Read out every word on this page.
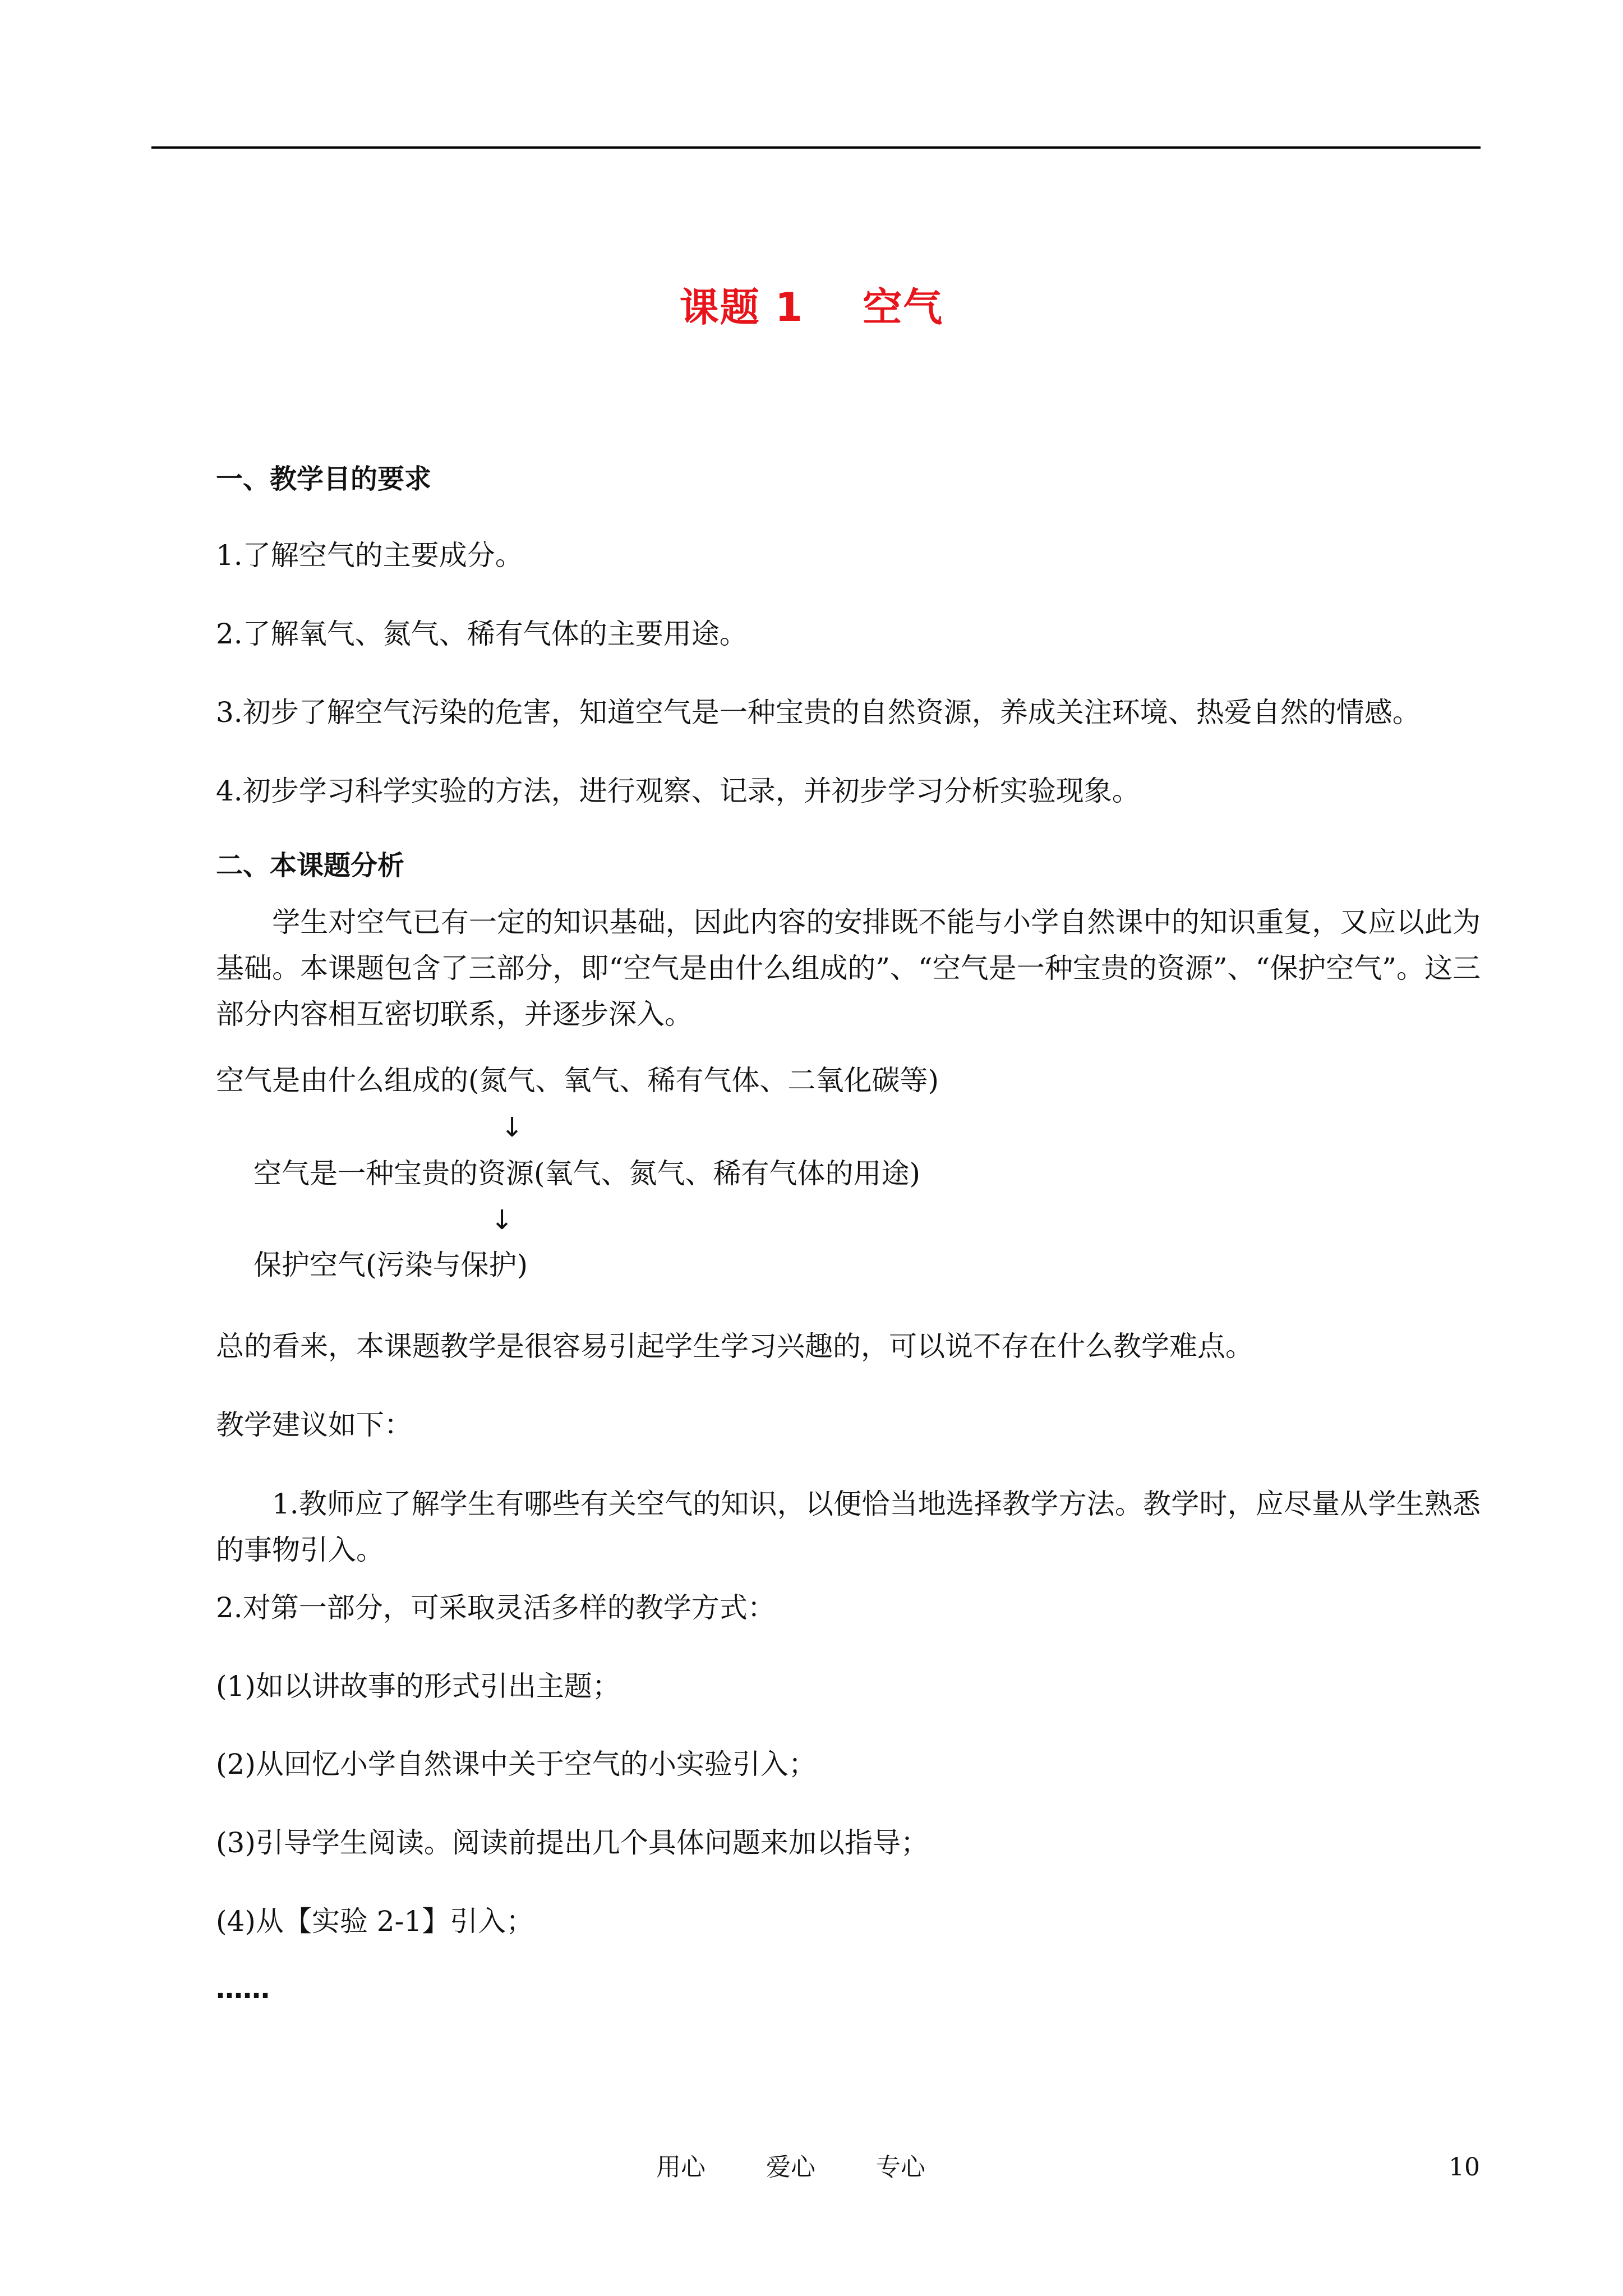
课题 1    空气
一、教学目的要求
1.了解空气的主要成分。
2.了解氧气、氮气、稀有气体的主要用途。
3.初步了解空气污染的危害，知道空气是一种宝贵的自然资源，养成关注环境、热爱自然的情感。
4.初步学习科学实验的方法，进行观察、记录，并初步学习分析实验现象。
二、本课题分析
学生对空气已有一定的知识基础，因此内容的安排既不能与小学自然课中的知识重复，又应以此为基础。本课题包含了三部分，即“空气是由什么组成的”、“空气是一种宝贵的资源”、“保护空气”。这三部分内容相互密切联系，并逐步深入。
空气是由什么组成的(氮气、氧气、稀有气体、二氧化碳等)
↓
空气是一种宝贵的资源(氧气、氮气、稀有气体的用途)
↓
保护空气(污染与保护)
总的看来，本课题教学是很容易引起学生学习兴趣的，可以说不存在什么教学难点。
教学建议如下：
1.教师应了解学生有哪些有关空气的知识，以便恰当地选择教学方法。教学时，应尽量从学生熟悉的事物引入。
2.对第一部分，可采取灵活多样的教学方式：
(1)如以讲故事的形式引出主题；
(2)从回忆小学自然课中关于空气的小实验引入；
(3)引导学生阅读。阅读前提出几个具体问题来加以指导；
(4)从【实验 2-1】引入；
……
用心 爱心 专心	10
